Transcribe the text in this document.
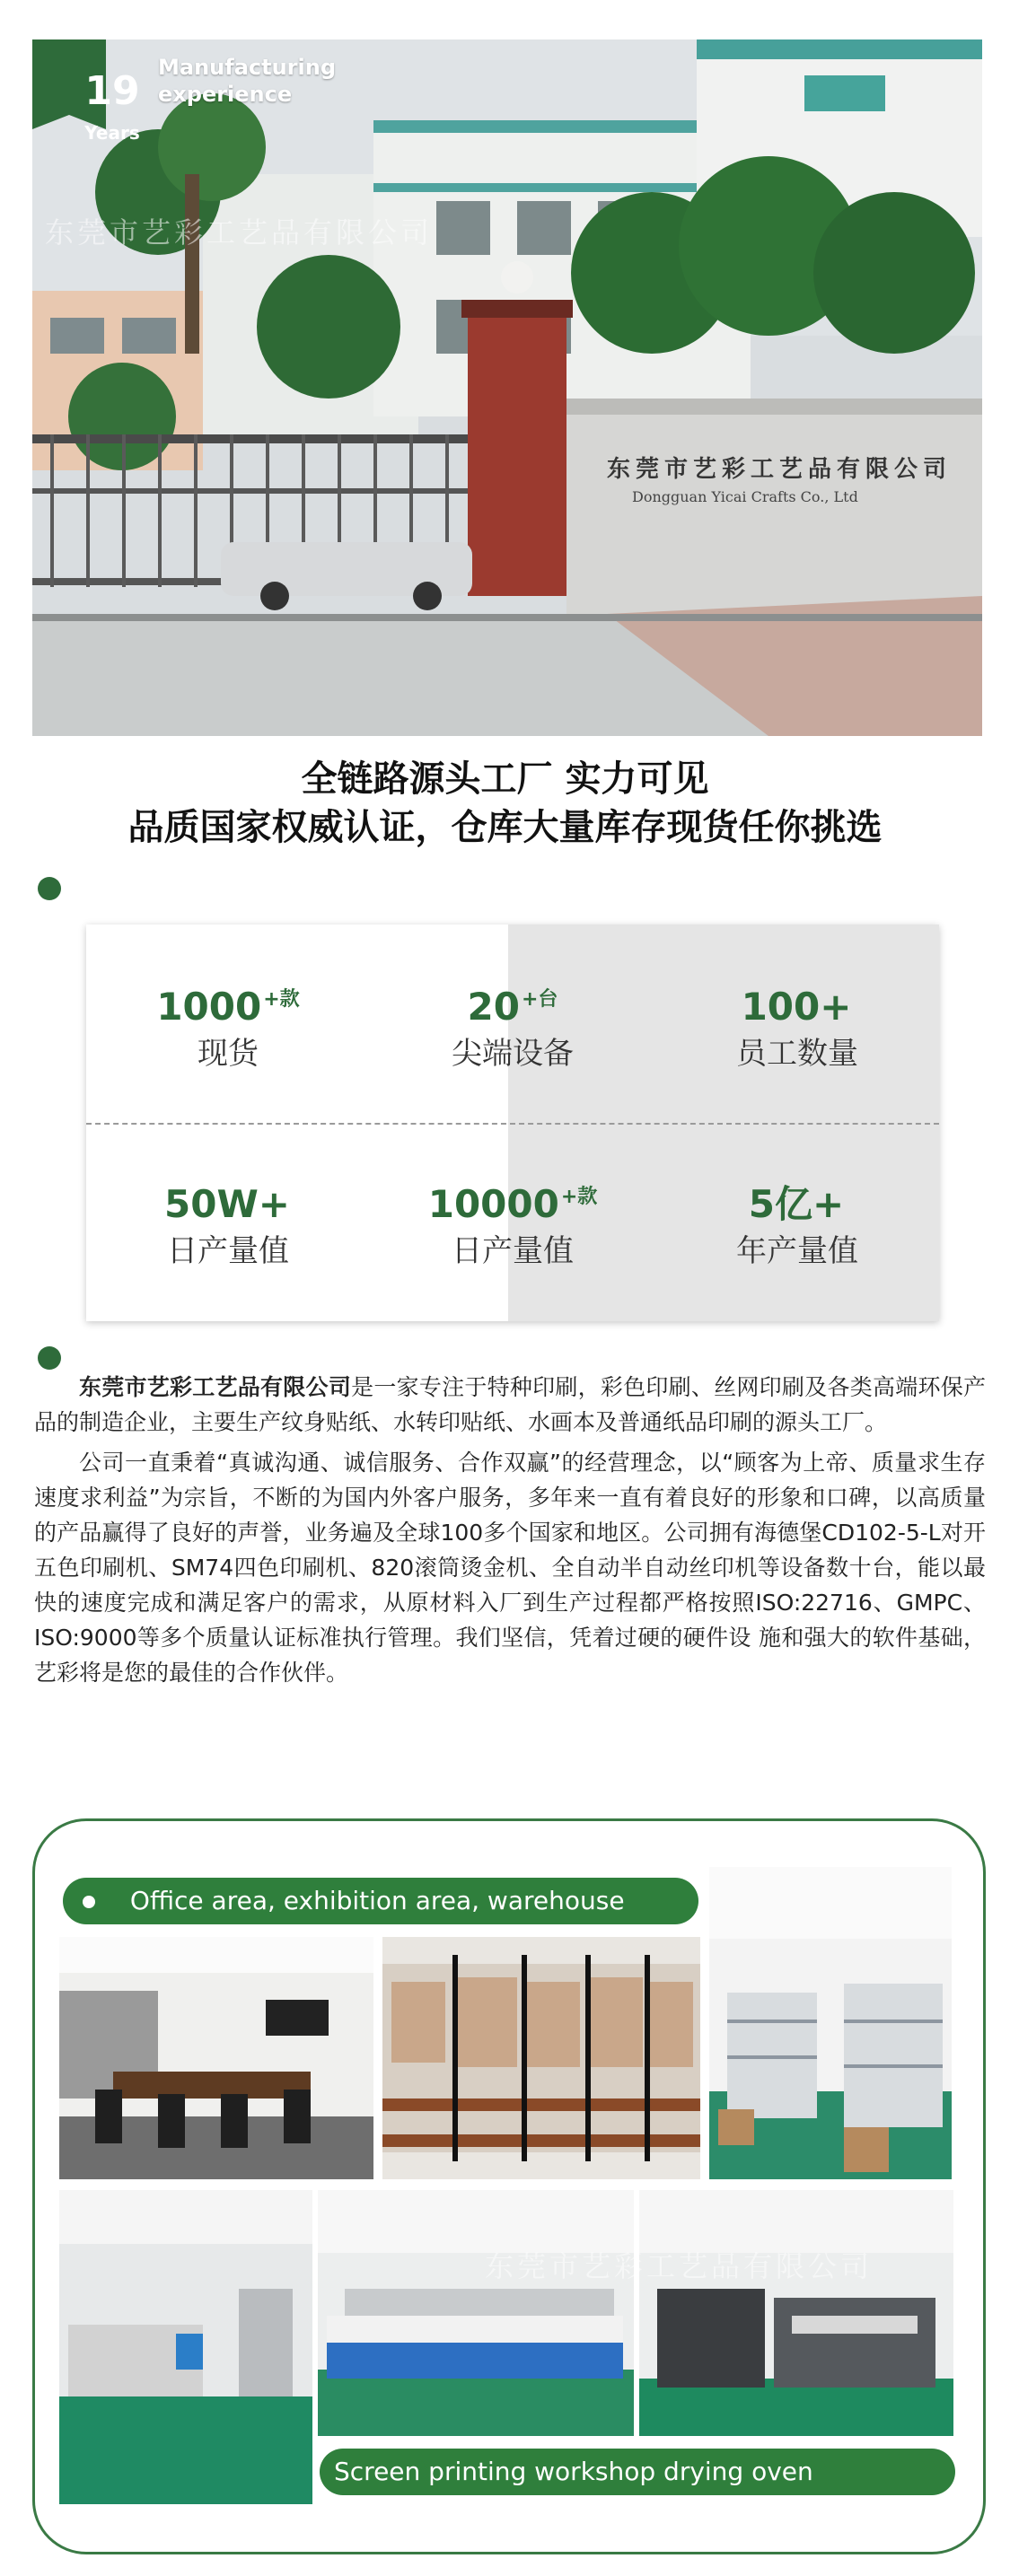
19
Years
Manufacturing experience
东莞市艺彩工艺品有限公司
东莞市艺彩工艺品有限公司
Dongguan Yicai Crafts Co., Ltd
全链路源头工厂 实力可见
品质国家权威认证，仓库大量库存现货任你挑选
$1000^{+款}$
现货
$20^{+台}$
尖端设备
100+
员工数量
50W+
日产量值
$10000^{+款}$
日产量值
5亿+
年产量值

东莞市艺彩工艺品有限公司是一家专注于特种印刷，彩色印刷、丝网印刷及各类高端环保产品的制造企业，主要生产纹身贴纸、水转印贴纸、水画本及普通纸品印刷的源头工厂。

公司一直秉着“真诚沟通、诚信服务、合作双赢”的经营理念，以“顾客为上帝、质量求生存速度求利益”为宗旨，不断的为国内外客户服务，多年来一直有着良好的形象和口碑，以高质量的产品赢得了良好的声誉，业务遍及全球100多个国家和地区。公司拥有海德堡CD102-5-L对开五色印刷机、SM74四色印刷机、820滚筒烫金机、全自动半自动丝印机等设备数十台，能以最快的速度完成和满足客户的需求，从原材料入厂到生产过程都严格按照ISO:22716、GMPC、ISO:9000等多个质量认证标准执行管理。我们坚信，凭着过硬的硬件设 施和强大的软件基础，艺彩将是您的最佳的合作伙伴。

Office area, exhibition area, warehouse
东莞市艺彩工艺品有限公司
Screen printing workshop drying oven Heidelberg
